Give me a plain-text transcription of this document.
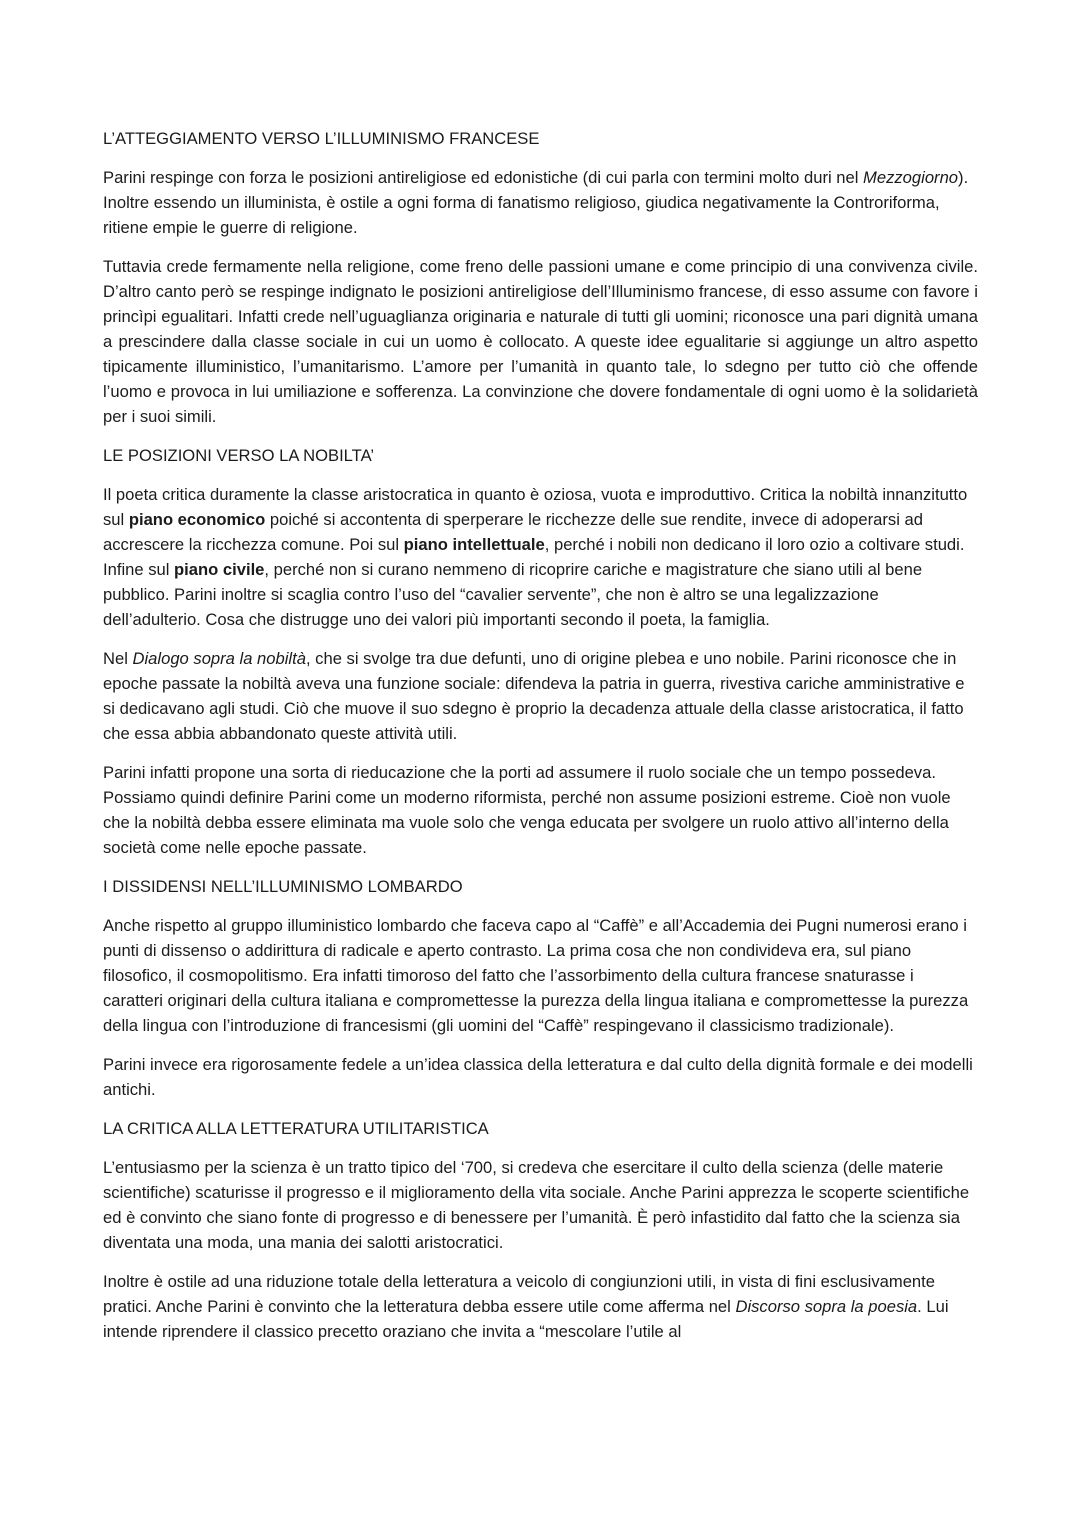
L’ATTEGGIAMENTO VERSO L’ILLUMINISMO FRANCESE

Parini respinge con forza le posizioni antireligiose ed edonistiche (di cui parla con termini molto duri nel Mezzogiorno). Inoltre essendo un illuminista, è ostile a ogni forma di fanatismo religioso, giudica negativamente la Controriforma, ritiene empie le guerre di religione.

Tuttavia crede fermamente nella religione, come freno delle passioni umane e come principio di una convivenza civile. D’altro canto però se respinge indignato le posizioni antireligiose dell’Illuminismo francese, di esso assume con favore i princìpi egualitari. Infatti crede nell’uguaglianza originaria e naturale di tutti gli uomini; riconosce una pari dignità umana a prescindere dalla classe sociale in cui un uomo è collocato. A queste idee egualitarie si aggiunge un altro aspetto tipicamente illuministico, l’umanitarismo. L’amore per l’umanità in quanto tale, lo sdegno per tutto ciò che offende l’uomo e provoca in lui umiliazione e sofferenza. La convinzione che dovere fondamentale di ogni uomo è la solidarietà per i suoi simili.

LE POSIZIONI VERSO LA NOBILTA’

Il poeta critica duramente la classe aristocratica in quanto è oziosa, vuota e improduttivo. Critica la nobiltà innanzitutto sul piano economico poiché si accontenta di sperperare le ricchezze delle sue rendite, invece di adoperarsi ad accrescere la ricchezza comune. Poi sul piano intellettuale, perché i nobili non dedicano il loro ozio a coltivare studi. Infine sul piano civile, perché non si curano nemmeno di ricoprire cariche e magistrature che siano utili al bene pubblico. Parini inoltre si scaglia contro l’uso del “cavalier servente”, che non è altro se una legalizzazione dell’adulterio. Cosa che distrugge uno dei valori più importanti secondo il poeta, la famiglia.

Nel Dialogo sopra la nobiltà, che si svolge tra due defunti, uno di origine plebea e uno nobile. Parini riconosce che in epoche passate la nobiltà aveva una funzione sociale: difendeva la patria in guerra, rivestiva cariche amministrative e si dedicavano agli studi. Ciò che muove il suo sdegno è proprio la decadenza attuale della classe aristocratica, il fatto che essa abbia abbandonato queste attività utili.

Parini infatti propone una sorta di rieducazione che la porti ad assumere il ruolo sociale che un tempo possedeva. Possiamo quindi definire Parini come un moderno riformista, perché non assume posizioni estreme. Cioè non vuole che la nobiltà debba essere eliminata ma vuole solo che venga educata per svolgere un ruolo attivo all’interno della società come nelle epoche passate.

I DISSIDENSI NELL’ILLUMINISMO LOMBARDO

Anche rispetto al gruppo illuministico lombardo che faceva capo al “Caffè” e all’Accademia dei Pugni numerosi erano i punti di dissenso o addirittura di radicale e aperto contrasto. La prima cosa che non condivideva era, sul piano filosofico, il cosmopolitismo. Era infatti timoroso del fatto che l’assorbimento della cultura francese snaturasse i caratteri originari della cultura italiana e compromettesse la purezza della lingua italiana e compromettesse la purezza della lingua con l’introduzione di francesismi (gli uomini del “Caffè” respingevano il classicismo tradizionale).

Parini invece era rigorosamente fedele a un’idea classica della letteratura e dal culto della dignità formale e dei modelli antichi.

LA CRITICA ALLA LETTERATURA UTILITARISTICA

L’entusiasmo per la scienza è un tratto tipico del ‘700, si credeva che esercitare il culto della scienza (delle materie scientifiche) scaturisse il progresso e il miglioramento della vita sociale. Anche Parini apprezza le scoperte scientifiche ed è convinto che siano fonte di progresso e di benessere per l’umanità. È però infastidito dal fatto che la scienza sia diventata una moda, una mania dei salotti aristocratici.

Inoltre è ostile ad una riduzione totale della letteratura a veicolo di congiunzioni utili, in vista di fini esclusivamente pratici. Anche Parini è convinto che la letteratura debba essere utile come afferma nel Discorso sopra la poesia. Lui intende riprendere il classico precetto oraziano che invita a “mescolare l’utile al
